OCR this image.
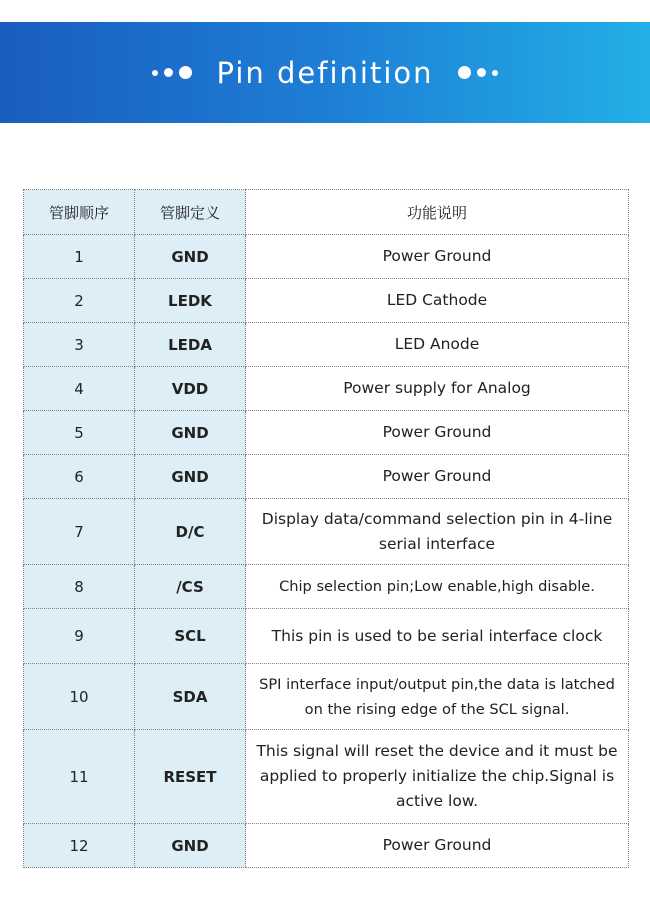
Pin definition
管脚顺序	管脚定义	功能说明
1	GND	Power Ground
2	LEDK	LED Cathode
3	LEDA	LED Anode
4	VDD	Power supply for Analog
5	GND	Power Ground
6	GND	Power Ground
7	D/C	Display data/command selection pin in 4-line serial interface
8	/CS	Chip selection pin;Low enable,high disable.
9	SCL	This pin is used to be serial interface clock
10	SDA	SPI interface input/output pin,the data is latched on the rising edge of the SCL signal.
11	RESET	This signal will reset the device and it must be applied to properly initialize the chip.Signal is active low.
12	GND	Power Ground
